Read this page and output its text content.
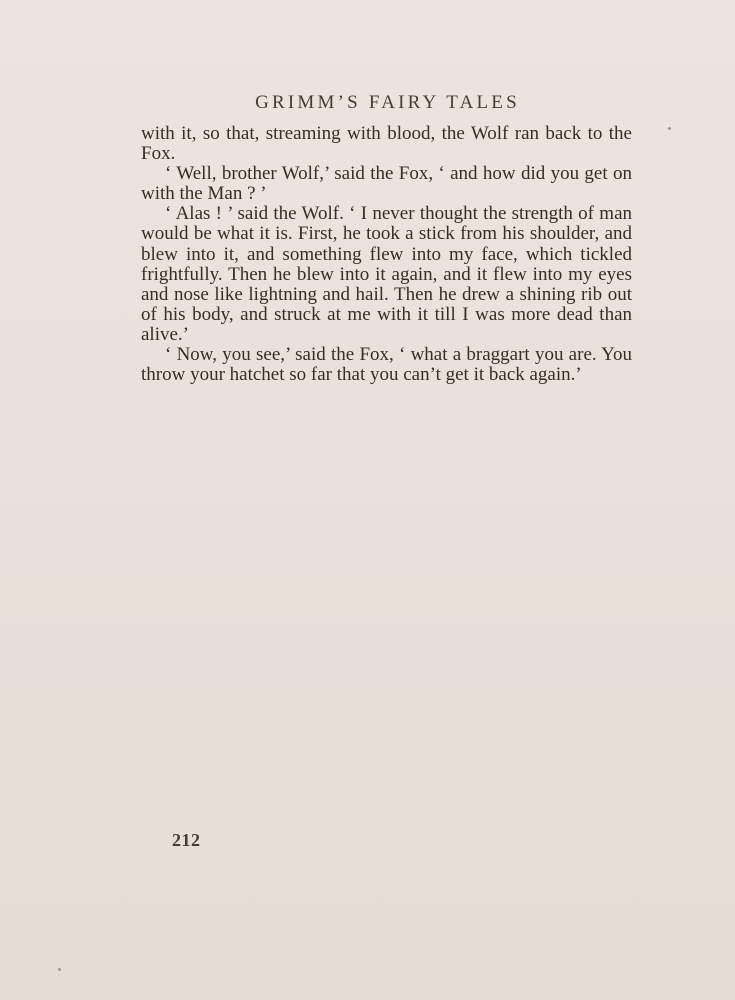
GRIMM’S FAIRY TALES

with it, so that, streaming with blood, the Wolf ran back to the Fox.

‘ Well, brother Wolf,’ said the Fox, ‘ and how did you get on with the Man ? ’

‘ Alas ! ’ said the Wolf. ‘ I never thought the strength of man would be what it is. First, he took a stick from his shoulder, and blew into it, and something flew into my face, which tickled frightfully. Then he blew into it again, and it flew into my eyes and nose like lightning and hail. Then he drew a shining rib out of his body, and struck at me with it till I was more dead than alive.’

‘ Now, you see,’ said the Fox, ‘ what a braggart you are. You throw your hatchet so far that you can’t get it back again.’

212
